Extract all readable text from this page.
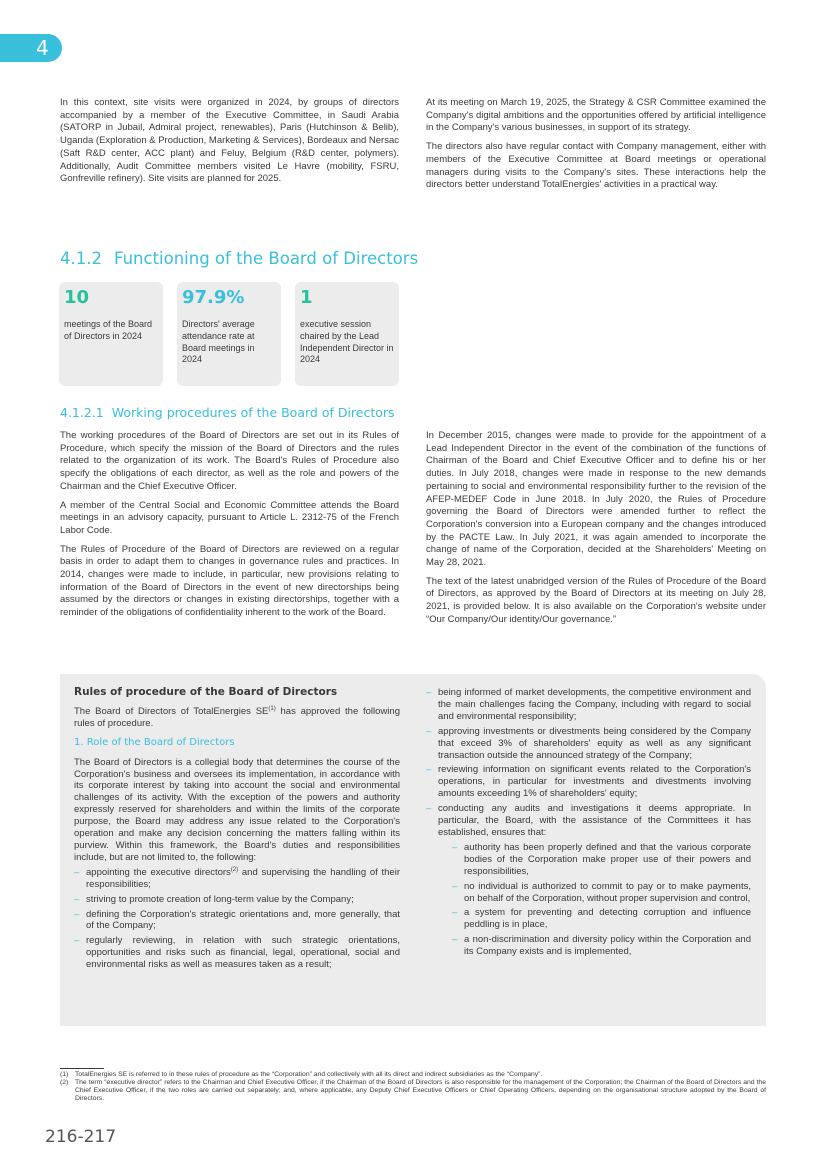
4

In this context, site visits were organized in 2024, by groups of directors accompanied by a member of the Executive Committee, in Saudi Arabia (SATORP in Jubail, Admiral project, renewables), Paris (Hutchinson & Belib), Uganda (Exploration & Production, Marketing & Services), Bordeaux and Nersac (Saft R&D center, ACC plant) and Feluy, Belgium (R&D center, polymers). Additionally, Audit Committee members visited Le Havre (mobility, FSRU, Gonfreville refinery). Site visits are planned for 2025.

At its meeting on March 19, 2025, the Strategy & CSR Committee examined the Company's digital ambitions and the opportunities offered by artificial intelligence in the Company's various businesses, in support of its strategy.

The directors also have regular contact with Company management, either with members of the Executive Committee at Board meetings or operational managers during visits to the Company's sites. These interactions help the directors better understand TotalEnergies' activities in a practical way.

4.1.2 Functioning of the Board of Directors
10
meetings of the Board of Directors in 2024
97.9%
Directors' average attendance rate at Board meetings in 2024
1
executive session chaired by the Lead Independent Director in 2024
4.1.2.1 Working procedures of the Board of Directors

The working procedures of the Board of Directors are set out in its Rules of Procedure, which specify the mission of the Board of Directors and the rules related to the organization of its work. The Board's Rules of Procedure also specify the obligations of each director, as well as the role and powers of the Chairman and the Chief Executive Officer.

A member of the Central Social and Economic Committee attends the Board meetings in an advisory capacity, pursuant to Article L. 2312-75 of the French Labor Code.

The Rules of Procedure of the Board of Directors are reviewed on a regular basis in order to adapt them to changes in governance rules and practices. In 2014, changes were made to include, in particular, new provisions relating to information of the Board of Directors in the event of new directorships being assumed by the directors or changes in existing directorships, together with a reminder of the obligations of confidentiality inherent to the work of the Board.

In December 2015, changes were made to provide for the appointment of a Lead Independent Director in the event of the combination of the functions of Chairman of the Board and Chief Executive Officer and to define his or her duties. In July 2018, changes were made in response to the new demands pertaining to social and environmental responsibility further to the revision of the AFEP-MEDEF Code in June 2018. In July 2020, the Rules of Procedure governing the Board of Directors were amended further to reflect the Corporation's conversion into a European company and the changes introduced by the PACTE Law. In July 2021, it was again amended to incorporate the change of name of the Corporation, decided at the Shareholders' Meeting on May 28, 2021.

The text of the latest unabridged version of the Rules of Procedure of the Board of Directors, as approved by the Board of Directors at its meeting on July 28, 2021, is provided below. It is also available on the Corporation's website under “Our Company/Our identity/Our governance.”

Rules of procedure of the Board of Directors

The Board of Directors of TotalEnergies SE$^{(1)}$ has approved the following rules of procedure.

1. Role of the Board of Directors

The Board of Directors is a collegial body that determines the course of the Corporation's business and oversees its implementation, in accordance with its corporate interest by taking into account the social and environmental challenges of its activity. With the exception of the powers and authority expressly reserved for shareholders and within the limits of the corporate purpose, the Board may address any issue related to the Corporation's operation and make any decision concerning the matters falling within its purview. Within this framework, the Board's duties and responsibilities include, but are not limited to, the following:

– appointing the executive directors$^{(2)}$ and supervising the handling of their responsibilities;
– striving to promote creation of long-term value by the Company;
– defining the Corporation's strategic orientations and, more generally, that of the Company;
– regularly reviewing, in relation with such strategic orientations, opportunities and risks such as financial, legal, operational, social and environmental risks as well as measures taken as a result;
– being informed of market developments, the competitive environment and the main challenges facing the Company, including with regard to social and environmental responsibility;
– approving investments or divestments being considered by the Company that exceed 3% of shareholders' equity as well as any significant transaction outside the announced strategy of the Company;
– reviewing information on significant events related to the Corporation's operations, in particular for investments and divestments involving amounts exceeding 1% of shareholders' equity;
– conducting any audits and investigations it deems appropriate. In particular, the Board, with the assistance of the Committees it has established, ensures that:
– authority has been properly defined and that the various corporate bodies of the Corporation make proper use of their powers and responsibilities,
– no individual is authorized to commit to pay or to make payments, on behalf of the Corporation, without proper supervision and control,
– a system for preventing and detecting corruption and influence peddling is in place,
– a non-discrimination and diversity policy within the Corporation and its Company exists and is implemented,
(1) TotalEnergies SE is referred to in these rules of procedure as the “Corporation” and collectively with all its direct and indirect subsidiaries as the “Company”.
(2) The term “executive director” refers to the Chairman and Chief Executive Officer, if the Chairman of the Board of Directors is also responsible for the management of the Corporation; the Chairman of the Board of Directors and the Chief Executive Officer, if the two roles are carried out separately; and, where applicable, any Deputy Chief Executive Officers or Chief Operating Officers, depending on the organisational structure adopted by the Board of Directors.
216-217
